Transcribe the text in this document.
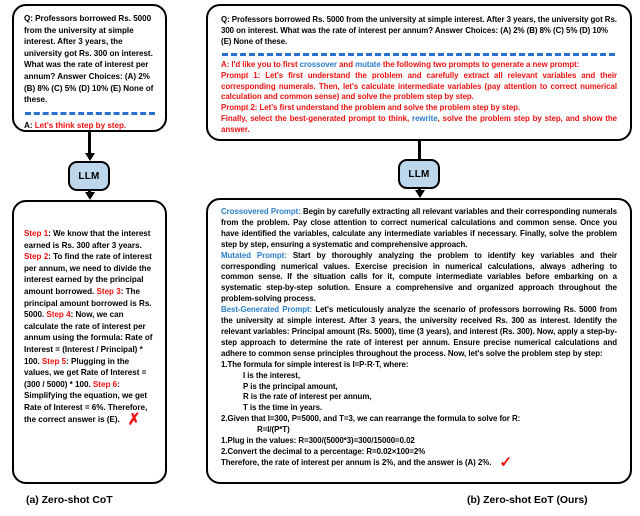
Q: Professors borrowed Rs. 5000 from the university at simple interest. After 3 years, the university got Rs. 300 on interest. What was the rate of interest per annum? Answer Choices: (A) 2% (B) 8% (C) 5% (D) 10% (E) None of these.
A: Let's think step by step.
LLM
Step 1: We know that the interest earned is Rs. 300 after 3 years. Step 2: To find the rate of interest per annum, we need to divide the interest earned by the principal amount borrowed. Step 3: The principal amount borrowed is Rs. 5000. Step 4: Now, we can calculate the rate of interest per annum using the formula: Rate of Interest = (Interest / Principal) * 100. Step 5: Plugging in the values, we get Rate of Interest = (300 / 5000) * 100. Step 6: Simplifying the equation, we get Rate of Interest = 6%. Therefore, the correct answer is (E). ✗
(a) Zero-shot CoT
Q: Professors borrowed Rs. 5000 from the university at simple interest. After 3 years, the university got Rs. 300 on interest. What was the rate of interest per annum? Answer Choices: (A) 2% (B) 8% (C) 5% (D) 10% (E) None of these.
A: I'd like you to first crossover and mutate the following two prompts to generate a new prompt:
Prompt 1: Let's first understand the problem and carefully extract all relevant variables and their corresponding numerals. Then, let's calculate intermediate variables (pay attention to correct numerical calculation and common sense) and solve the problem step by step.
Prompt 2: Let's first understand the problem and solve the problem step by step.
Finally, select the best-generated prompt to think, rewrite, solve the problem step by step, and show the answer.
LLM
Crossovered Prompt: Begin by carefully extracting all relevant variables and their corresponding numerals from the problem. Pay close attention to correct numerical calculations and common sense. Once you have identified the variables, calculate any intermediate variables if necessary. Finally, solve the problem step by step, ensuring a systematic and comprehensive approach.
Mutated Prompt: Start by thoroughly analyzing the problem to identify key variables and their corresponding numerical values. Exercise precision in numerical calculations, always adhering to common sense. If the situation calls for it, compute intermediate variables before embarking on a systematic step-by-step solution. Ensure a comprehensive and organized approach throughout the problem-solving process.
Best-Generated Prompt: Let's meticulously analyze the scenario of professors borrowing Rs. 5000 from the university at simple interest. After 3 years, the university received Rs. 300 as interest. Identify the relevant variables: Principal amount (Rs. 5000), time (3 years), and interest (Rs. 300). Now, apply a step-by-step approach to determine the rate of interest per annum. Ensure precise numerical calculations and adhere to common sense principles throughout the process. Now, let's solve the problem step by step:
1.The formula for simple interest is I=P·R·T, where:
I is the interest,
P is the principal amount,
R is the rate of interest per annum,
T is the time in years.
2.Given that I=300, P=5000, and T=3, we can rearrange the formula to solve for R:
R=I/(P*T)
1.Plug in the values: R=300/(5000*3)=300/15000=0.02
2.Convert the decimal to a percentage: R=0.02×100=2%
Therefore, the rate of interest per annum is 2%, and the answer is (A) 2%. ✓
(b) Zero-shot EoT (Ours)
